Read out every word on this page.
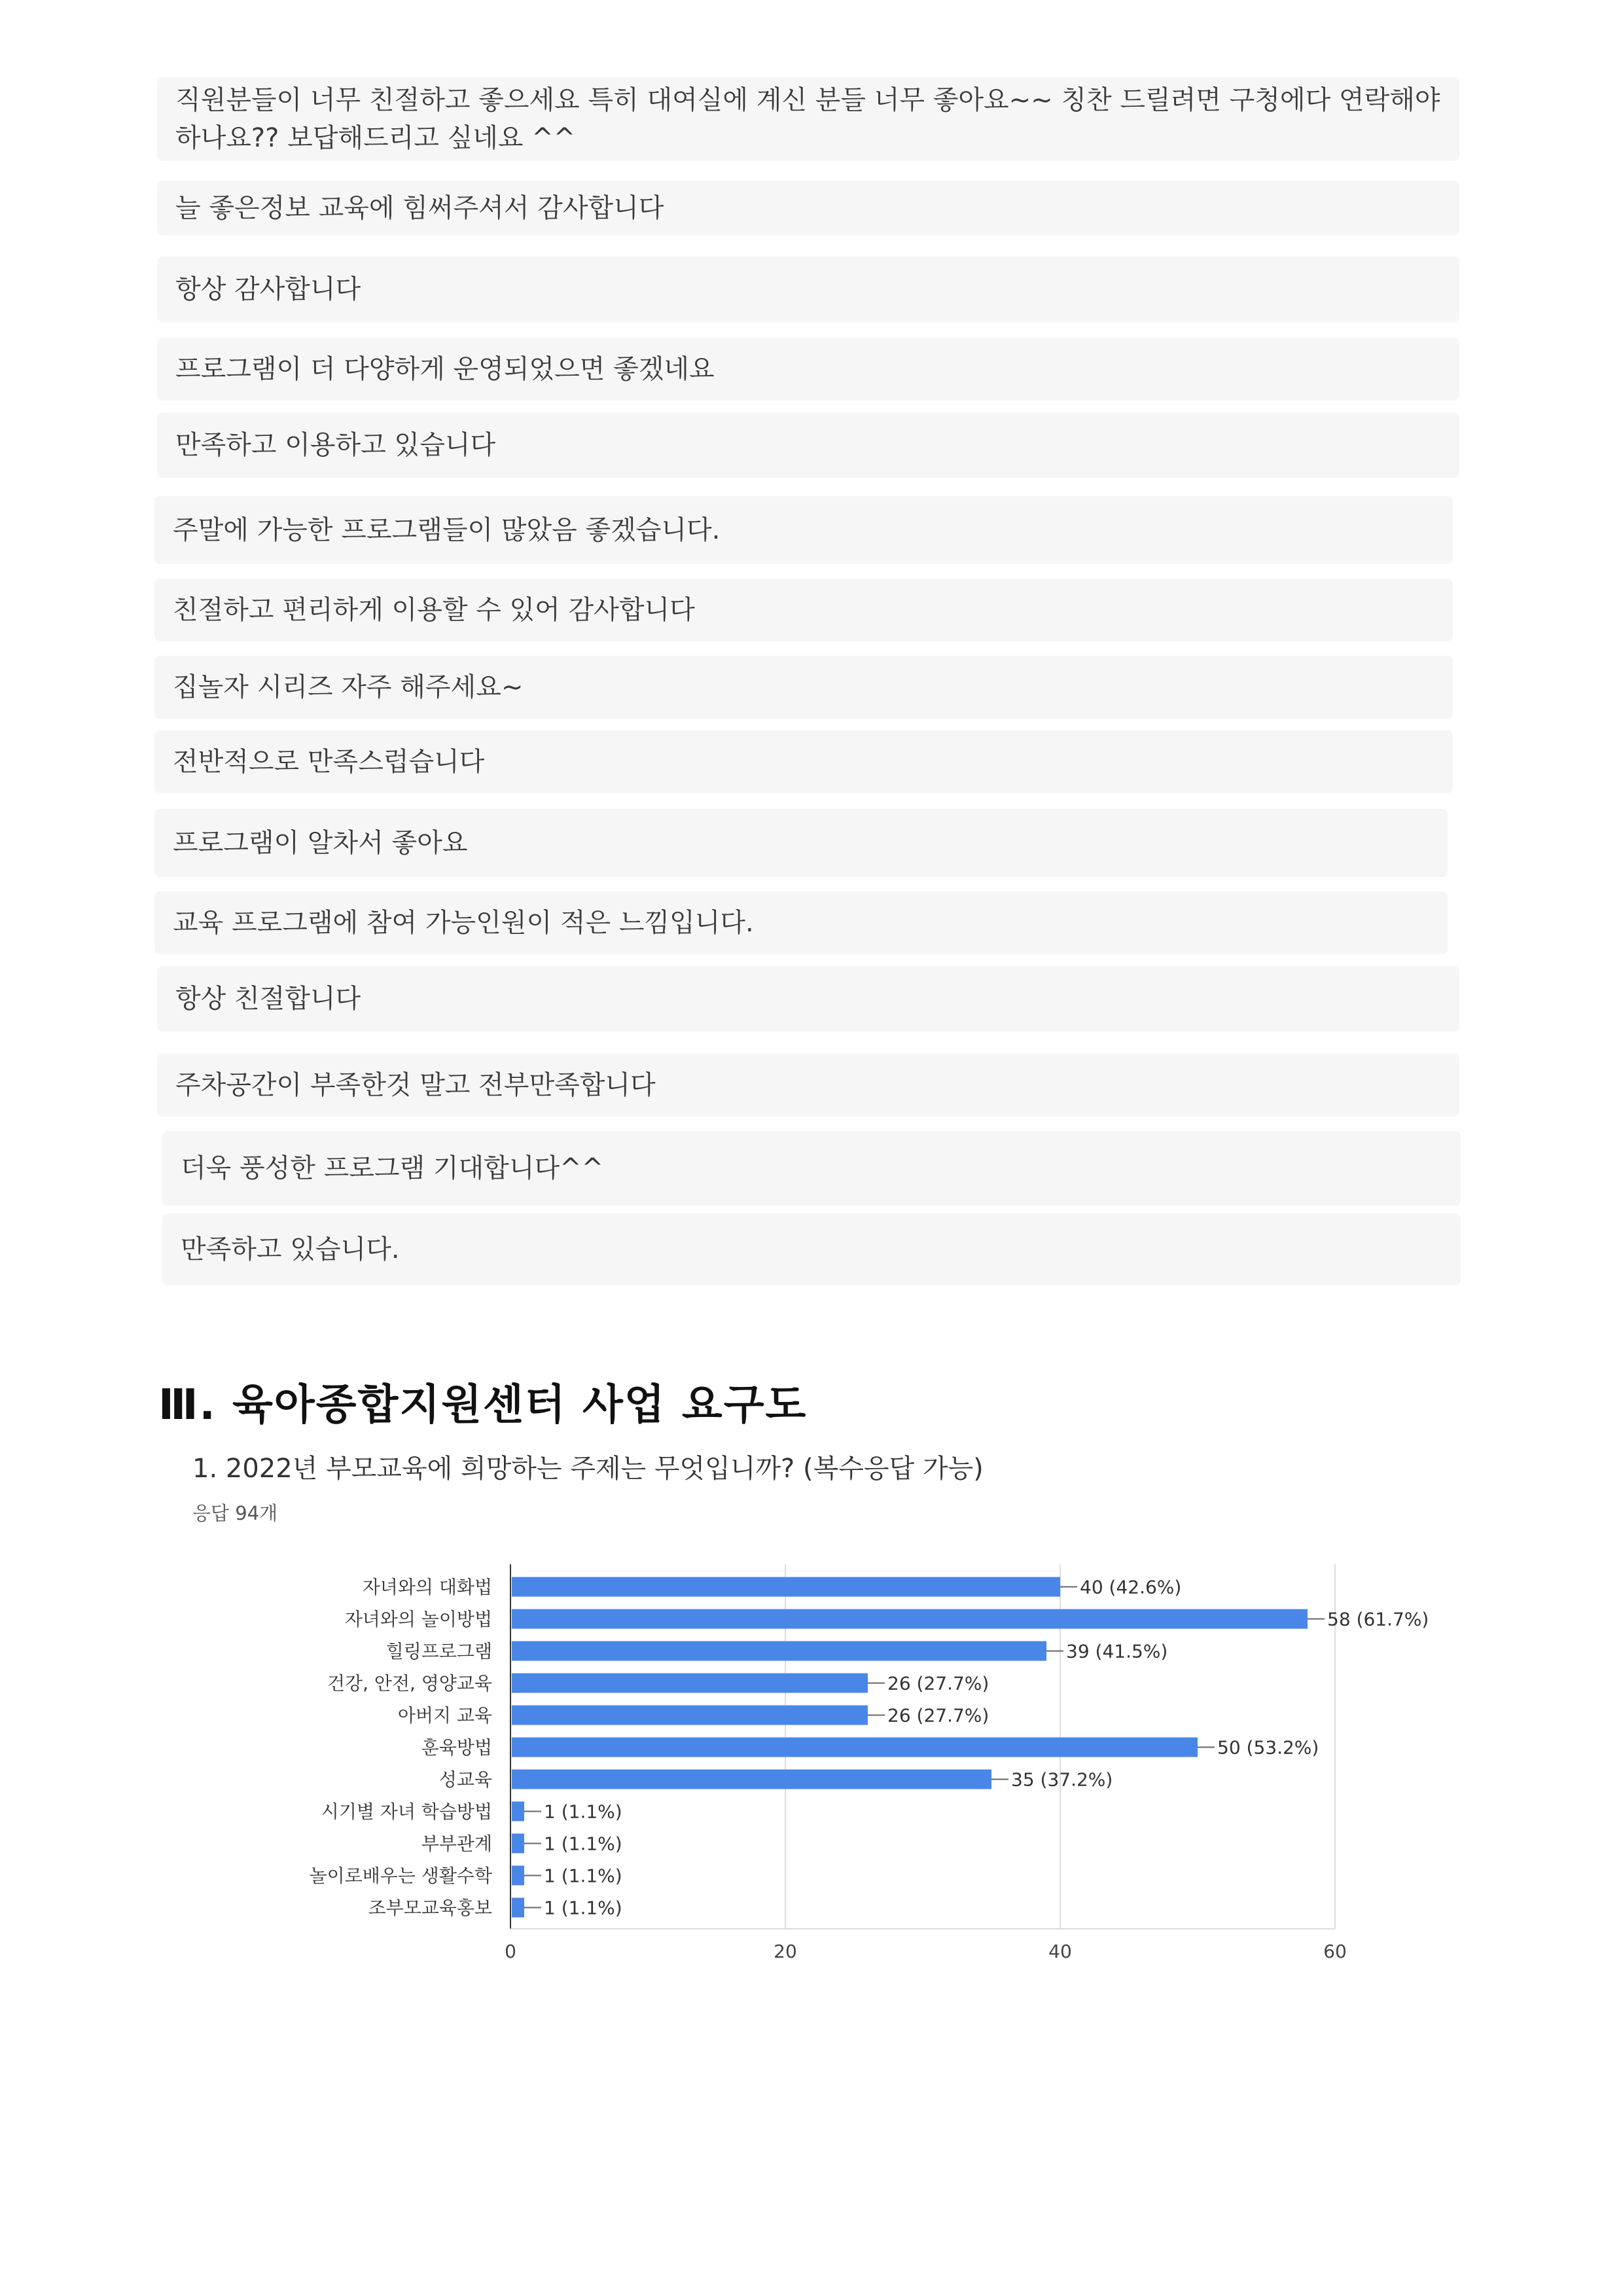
직원분들이 너무 친절하고 좋으세요 특히 대여실에 계신 분들 너무 좋아요~~ 칭찬 드릴려면 구청에다 연락해야하나요?? 보답해드리고 싶네요 ^^
늘 좋은정보 교육에 힘써주셔서 감사합니다
항상 감사합니다
프로그램이 더 다양하게 운영되었으면 좋겠네요
만족하고 이용하고 있습니다
주말에 가능한 프로그램들이 많았음 좋겠습니다.
친절하고 편리하게 이용할 수 있어 감사합니다
집놀자 시리즈 자주 해주세요~
전반적으로 만족스럽습니다
프로그램이 알차서 좋아요
교육 프로그램에 참여 가능인원이 적은 느낌입니다.
항상 친절합니다
주차공간이 부족한것 말고 전부만족합니다
더욱 풍성한 프로그램 기대합니다^^
만족하고 있습니다.
Ⅲ. 육아종합지원센터 사업 요구도
1. 2022년 부모교육에 희망하는 주제는 무엇입니까? (복수응답 가능)
응답 94개
0	20	40	60
자녀와의 대화법	40 (42.6%)
자녀와의 놀이방법	58 (61.7%)
힐링프로그램	39 (41.5%)
건강, 안전, 영양교육	26 (27.7%)
아버지 교육	26 (27.7%)
훈육방법	50 (53.2%)
성교육	35 (37.2%)
시기별 자녀 학습방법	1 (1.1%)
부부관계	1 (1.1%)
놀이로배우는 생활수학	1 (1.1%)
조부모교육홍보	1 (1.1%)
